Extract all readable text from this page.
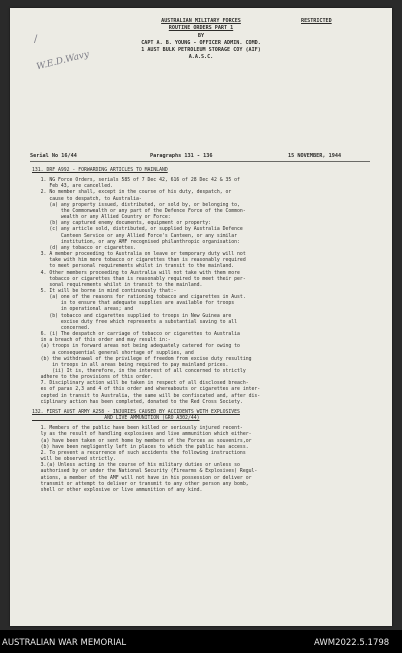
/
W.E.D.Wavy
AUSTRALIAN MILITARY FORCES
ROUTINE ORDERS PART 1
BY
CAPT A. B. YOUNG - OFFICER ADMIN. COMD.
1 AUST BULK PETROLEUM STORAGE COY (AIF)
A.A.S.C.
RESTRICTED
Serial No 16/44	Paragraphs 131 - 136	15 NOVEMBER, 1944
131. DRF A992 - FORWARDING ARTICLES TO MAINLAND
1. NG Force Orders, serials 585 of 7 Dec 42, 616 of 28 Dec 42 & 35 of
Feb 43, are cancelled.
2. No member shall, except in the course of his duty, despatch, or
cause to despatch, to Australia-
(a) any property issued, distributed, or sold by, or belonging to,
the Commonwealth or any part of the Defence Force of the Common-
wealth or any Allied Country or Force:
(b) any captured enemy documents, equipment or property:
(c) any article sold, distributed, or supplied by Australia Defence
Canteen Service or any Allied Force's Canteen, or any similar
institution, or any AMF recognised philanthropic organisation:
(d) any tobacco or cigarettes.
3. A member proceeding to Australia on leave or temporary duty will not
take with him more tobacco or cigarettes than is reasonably required
to meet personal requirements whilst in transit to the mainland.
4. Other members proceeding to Australia will not take with them more
tobacco or cigarettes than is reasonably required to meet their per-
sonal requirements whilst in transit to the mainland.
5. It will be borne in mind continuously that:-
(a) one of the reasons for rationing tobacco and cigarettes in Aust.
is to ensure that adequate supplies are available for troops
in operational areas; and
(b) tobacco and cigarettes supplied to troops in New Guinea are
excise duty free which represents a substantial saving to all
concerned.
6. (i) The despatch or carriage of tobacco or cigarettes to Australia
in a breach of this order and may result in:-
(a) troops in forward areas not being adequately catered for owing to
a consequential general shortage of supplies, and
(b) the withdrawal of the privilege of freedom from excise duty resulting
in troops in all areas being required to pay mainland prices.
(ii) It is, therefore, in the interest of all concerned to strictly
adhere to the provisions of this order.
7. Disciplinary action will be taken in respect of all disclosed breach-
es of paras 2,3 and 4 of this order and whereabouts or cigarettes are inter-
cepted in transit to Australia, the same will be confiscated and, after dis-
ciplinary action has been completed, donated to the Red Cross Society.
132. FIRST AUST ARMY A258 - INJURIES CAUSED BY ACCIDENTS WITH EXPLOSIVES
AND LIVE AMMUNITION (GRO A302/44)
1. Members of the public have been killed or seriously injured recent-
ly as the result of handling explosives and live ammunition which either-
(a) have been taken or sent home by members of the Forces as souvenirs,or
(b) have been negligently left in places to which the public has access.
2. To prevent a recurrence of such accidents the following instructions
will be observed strictly.
3.(a) Unless acting in the course of his military duties or unless so
authorised by or under the National Security (Firearms & Explosives) Regul-
ations, a member of the AMF will not have in his possession or deliver or
transmit or attempt to deliver or transmit to any other person any bomb,
shell or other explosive or live ammunition of any kind.
AUSTRALIAN WAR MEMORIAL	AWM2022.5.1798
